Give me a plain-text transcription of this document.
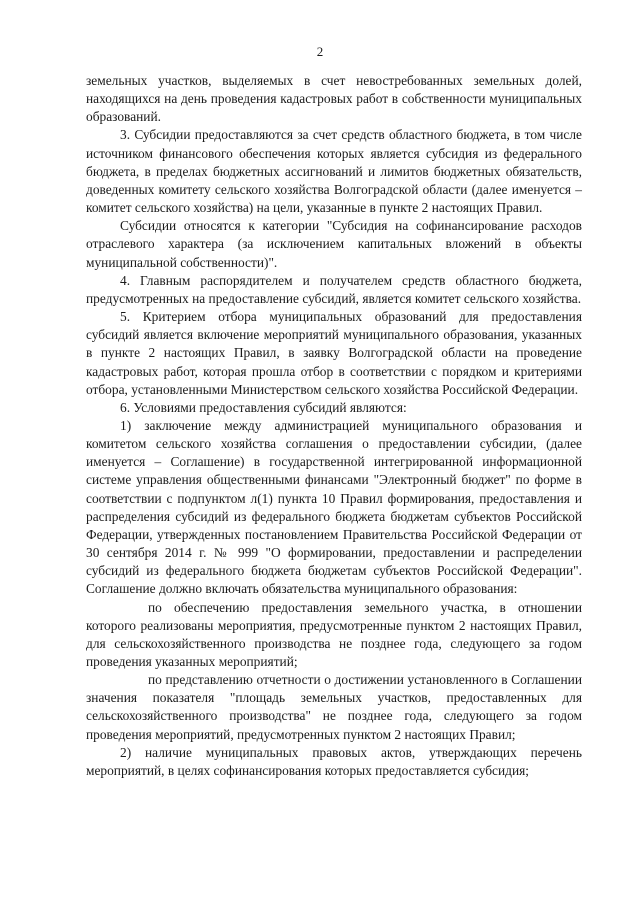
2

земельных участков, выделяемых в счет невостребованных земельных долей, находящихся на день проведения кадастровых работ в собственности муниципальных образований.

3. Субсидии предоставляются за счет средств областного бюджета, в том числе источником финансового обеспечения которых является субсидия из федерального бюджета, в пределах бюджетных ассигнований и лимитов бюджетных обязательств, доведенных комитету сельского хозяйства Волгоградской области (далее именуется – комитет сельского хозяйства) на цели, указанные в пункте 2 настоящих Правил.

Субсидии относятся к категории "Субсидия на софинансирование расходов отраслевого характера (за исключением капитальных вложений в объекты муниципальной собственности)".

4. Главным распорядителем и получателем средств областного бюджета, предусмотренных на предоставление субсидий, является комитет сельского хозяйства.

5. Критерием отбора муниципальных образований для предоставления субсидий является включение мероприятий муниципального образования, указанных в пункте 2 настоящих Правил, в заявку Волгоградской области на проведение кадастровых работ, которая прошла отбор в соответствии с порядком и критериями отбора, установленными Министерством сельского хозяйства Российской Федерации.

6. Условиями предоставления субсидий являются:

1) заключение между администрацией муниципального образования и комитетом сельского хозяйства соглашения о предоставлении субсидии, (далее именуется – Соглашение) в государственной интегрированной информационной системе управления общественными финансами "Электронный бюджет" по форме в соответствии с подпунктом л(1) пункта 10 Правил формирования, предоставления и распределения субсидий из федерального бюджета бюджетам субъектов Российской Федерации, утвержденных постановлением Правительства Российской Федерации от 30 сентября 2014 г. № 999 "О формировании, предоставлении и распределении субсидий из федерального бюджета бюджетам субъектов Российской Федерации". Соглашение должно включать обязательства муниципального образования:

по обеспечению предоставления земельного участка, в отношении которого реализованы мероприятия, предусмотренные пунктом 2 настоящих Правил, для сельскохозяйственного производства не позднее года, следующего за годом проведения указанных мероприятий;

по представлению отчетности о достижении установленного в Соглашении значения показателя "площадь земельных участков, предоставленных для сельскохозяйственного производства" не позднее года, следующего за годом проведения мероприятий, предусмотренных пунктом 2 настоящих Правил;

2) наличие муниципальных правовых актов, утверждающих перечень мероприятий, в целях софинансирования которых предоставляется субсидия;
